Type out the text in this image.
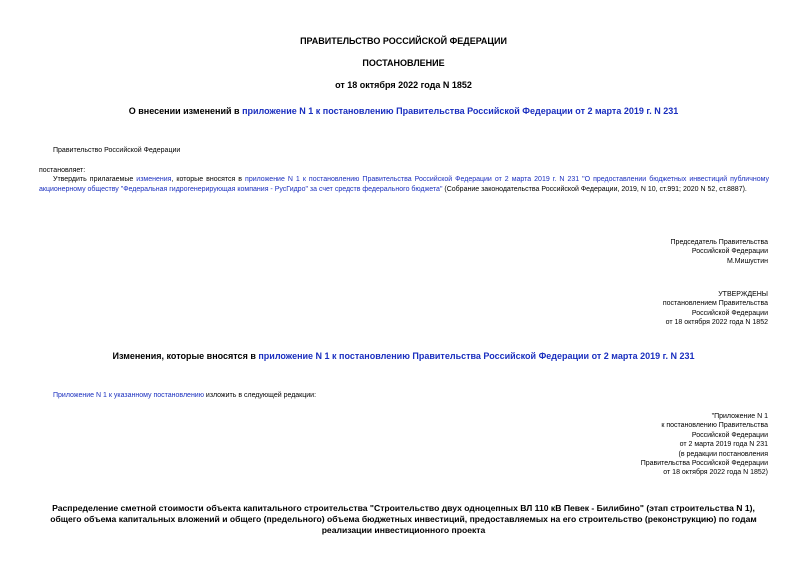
ПРАВИТЕЛЬСТВО РОССИЙСКОЙ ФЕДЕРАЦИИ
ПОСТАНОВЛЕНИЕ
от 18 октября 2022 года N 1852
О внесении изменений в приложение N 1 к постановлению Правительства Российской Федерации от 2 марта 2019 г. N 231
Правительство Российской Федерации
постановляет:
Утвердить прилагаемые изменения, которые вносятся в приложение N 1 к постановлению Правительства Российской Федерации от 2 марта 2019 г. N 231 "О предоставлении бюджетных инвестиций публичному акционерному обществу "Федеральная гидрогенерирующая компания - РусГидро" за счет средств федерального бюджета" (Собрание законодательства Российской Федерации, 2019, N 10, ст.991; 2020 N 52, ст.8887).
Председатель Правительства
Российской Федерации
М.Мишустин
УТВЕРЖДЕНЫ
постановлением Правительства
Российской Федерации
от 18 октября 2022 года N 1852
Изменения, которые вносятся в приложение N 1 к постановлению Правительства Российской Федерации от 2 марта 2019 г. N 231
Приложение N 1 к указанному постановлению изложить в следующей редакции:
"Приложение N 1
к постановлению Правительства
Российской Федерации
от 2 марта 2019 года N 231
(в редакции постановления
Правительства Российской Федерации
от 18 октября 2022 года N 1852)
Распределение сметной стоимости объекта капитального строительства "Строительство двух одноцепных ВЛ 110 кВ Певек - Билибино" (этап строительства N 1),
общего объема капитальных вложений и общего (предельного) объема бюджетных инвестиций, предоставляемых на его строительство (реконструкцию) по годам
реализации инвестиционного проекта
